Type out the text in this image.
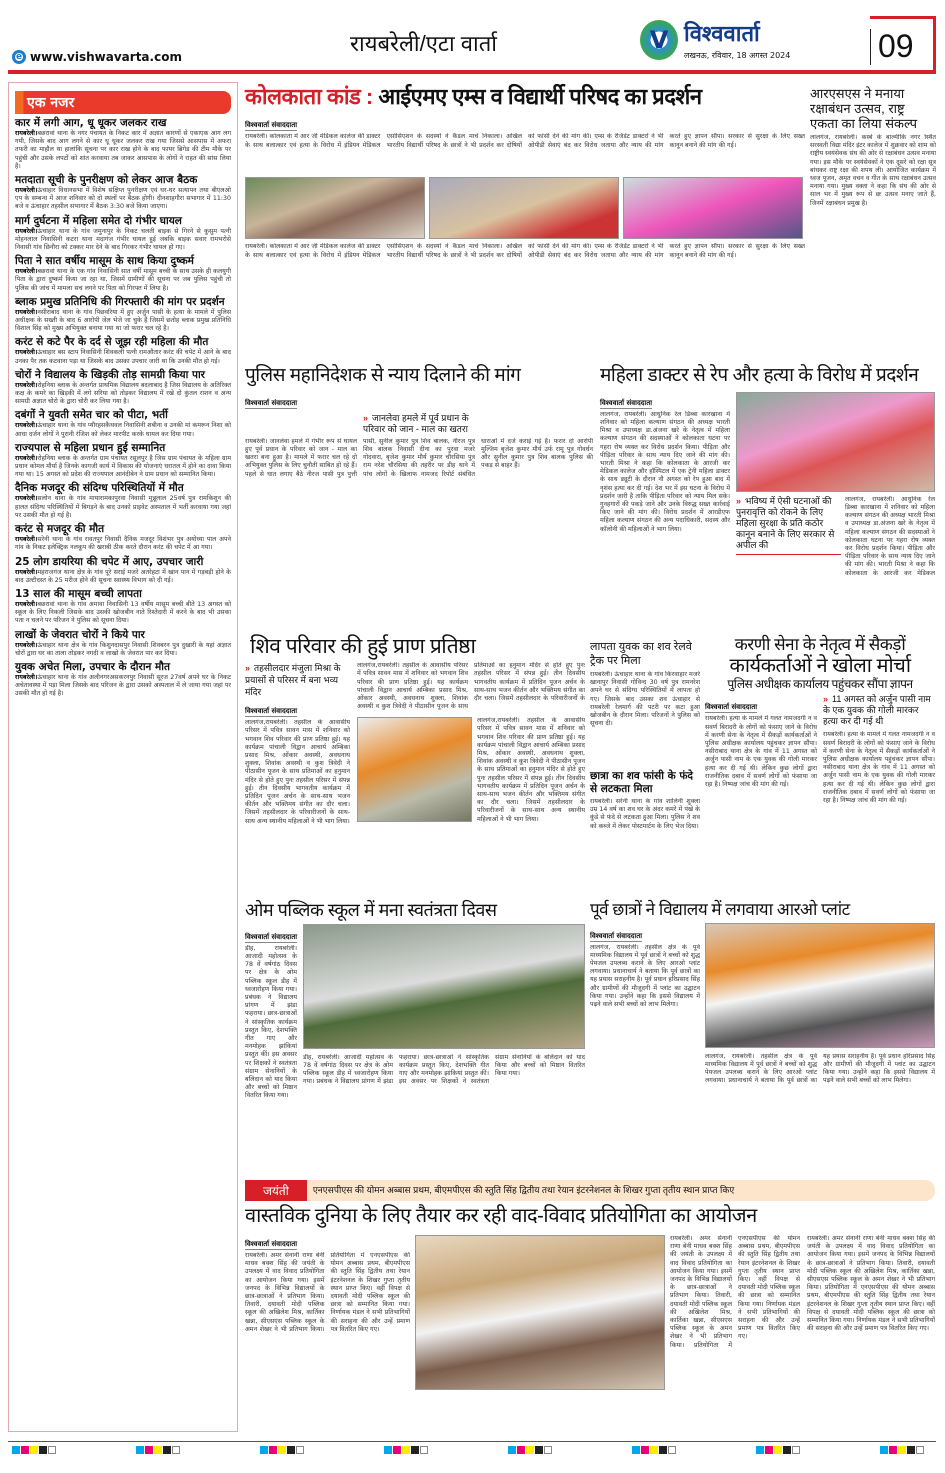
रायबरेली/एटा वार्ता
e www.vishwavarta.com
V विश्ववार्ता
लखनऊ, रविवार, 18 अगस्त 2024	09
एक नजर
कार में लगी आग, धू धूकर जलकर राख
रायबरेली।बछरावां थाना के नगर पंचायत के निकट कार में अज्ञात कारणों से एकाएक आग लग गयी, जिसके बाद आग लगने से कार धू धूकर जलकर राख गया जिससे आसपास में अफरा तफरी का माहौल था हालांकि सूचना पर कार राख होने के बाद फायर ब्रिगेड की टीम मौके पर पहुंची और उसके लपटों को शांत करवाया तब जाकर आसपास के लोगों ने राहत की सांस लिया है।
मतदाता सूची के पुनरीक्षण को लेकर आज बैठक
रायबरेली।ऊंचाहार विधानसभा में विशेष संक्षिप्त पुनरीक्षण एवं घर-घर सत्यापन तथा बीएलओ एप के सम्बन्ध में आज शनिवार को दो स्थलों पर बैठक होगी। दीनशाहगौरा सभागार में 11:30 बजे व ऊंचाहार तहसील सभागार में बैठक 3:30 बजे किया जाएगा।
मार्ग दुर्घटना में महिला समेत दो गंभीर घायल
रायबरेली।ऊंचाहार थाना के गांव जमुनापुर के निकट चलती बाइक से गिरने से कुसुम पत्नी मोहनलाल निवासिनी कटरा थाना मदागंज गंभीर घायल हुई जबकि बाइक सवार रामभरोसे निवासी गांव छिनौरा को टक्कर मार देने के बाद गिरकर गंभीर घायल हो गए।
पिता ने सात वर्षीय मासूम के साथ किया दुष्कर्म
रायबरेली।बछरावां थाना के एक गांव निवासिनी सात वर्षी मासूम बच्ची के साथ उसके ही कलयुगी पिता के द्वारा दुष्कर्म किया जा रहा था, जिसमें ग्रामीणों की सूचना पर जब पुलिस पहुंची तो पुलिस की जांच में मामला सच लगने पर पिता को गिरफ्त में लिया है।
ब्लाक प्रमुख प्रतिनिधि की गिरफ्तारी की मांग पर प्रदर्शन
रायबरेली।नसीराबाद थाना के गांव पिछवरिया में हुए अर्जुन पासी के हत्या के मामले में पुलिस अधीक्षक के सख्ती के बाद 6 आरोपी जेल भेजे जा चुके हैं जिसमें छतोह ब्लाक प्रमुख प्रतिनिधि विशाल सिंह को मुख्य अभियुक्त बनाया गया था जो फरार चल रहे है।
करंट से कटे पैर के दर्द से जूझ रही महिला की मौत
रायबरेली।ऊंचाहार बस स्टाप निवासिनी शिवकली पत्नी रामऔतार करंट की चपेट में आने के बाद उनका पैर तक कटवाना पड़ा था जिसके बाद उसका उपचार जारी था कि उनकी मौत हो गई।
चोरों ने विद्यालय के खिड़की तोड़ सामग्री किया पार
रायबरेली।रोहनिया ब्लाक के अन्तर्गत प्राथमिक विद्यालय बदलाबाद है जिस विद्यालय के अतिरिक्त कक्ष के कमरे का खिड़की में लगे सरिया को तोड़कर विद्यालय में रखे दो कुंतल राशन व अन्य सामग्री अज्ञात चोरो के द्वारा चोरी कर लिया गया है।
दबंगों ने युवती समेत चार को पीटा, भर्ती
रायबरेली।ऊंचाहार थाना के गांव प्यौरहसकैथवल निवासिनी शबीना व उनकी मां कमरून निशा को आधा दर्जन लोगों ने पुरानी रंजिश को लेकर मारपीट करके घायल कर दिया गया।
राज्यपाल से महिला प्रधान हुई सम्मानित
रायबरेली।रोहनिया ब्लाक के अन्तर्गत ग्राम पंचायत रसूलपुर है जिस ग्राम पंचायत के महिला ग्राम प्रधान कोमल मौर्या है जिनके कागजी कार्य में विकास की योजनाएं धरातल में होने का दावा किया गया था। 15 अगस्त को प्रदेश की राज्यपाल आनंदीबेन ने ग्राम प्रधान को सम्मानित किया।
दैनिक मजदूर की संदिग्ध परिस्थितियों में मौत
रायबरेली।सलोन थाना के गांव मायारामकापुरवा निवासी मुन्नूलाल 25वर्ष पुत्र रामकिशुन की हालत संदिग्ध परिस्थितियों में बिगड़ने के बाद उनको प्राइवेट अस्पताल में भर्ती करवाया गया जहां पर उसकी मौत हो गई है।
करंट से मजदूर की मौत
रायबरेली।सरेनी थाना के गांव रावतपुर निवासी दैनिक मजदूर विशंभर पुत्र अयोध्या पाल अपने गांव के निकट इलेक्ट्रिक नलकूप की खराबी ठीक करते दौरान करंट की चपेट में आ गया।
25 लोग डायरिया की चपेट में आए, उपचार जारी
रायबरेली।महराजगंज थाना क्षेत्र के गांव पूरे सराई मजरे अतरेहटा में खान पान में गड़बड़ी होने के बाद उल्टीदस्त के 25 मरीज होने की सूचना स्वास्थ्य विभाग को दी गई।
13 साल की मासूम बच्ची लापता
रायबरेली।बछरावां थाना के गांव अमावा निवासिनी 13 वर्षीय मासूम बच्ची बीते 13 अगस्त को स्कूल के लिए निकली जिसके बाद उसकी खोजबीन नाते रिश्तेदारी में करने के बाद भी उसका पता न चलने पर परिजन ने पुलिस को सूचना दिया।
लाखों के जेवरात चोरों ने किये पार
रायबरेली।ऊंचाहार थाना क्षेत्र के गांव किशुनदासपुर निवासी शिवबरन पुत्र दुखारी के यहां अज्ञात चोरों द्वारा घर का ताला तोड़कर नगदी व लाखो के जेवरात पार कर दिया।
युवक अचेत मिला, उपचार के दौरान मौत
रायबरेली।ऊंचाहार थाना के गांव अलीनगरअसकरनपुर निवासी सूरज 27वर्ष अपने घर के निकट अचेतावस्था में पड़ा मिला जिसके बाद परिजन के द्वारा उसको अस्पताल में ले जाया गया जहां पर उसकी मौत हो गई है।
कोलकाता कांड : आईएमए एम्स व विद्यार्थी परिषद का प्रदर्शन
विश्ववार्ता संवाददाता
रायबरेली। कोलकाता में आर जी मेडिकल कालेज की डाक्टर के साथ बलात्कार एवं हत्या के विरोध में इंडियन मेडिकल एसोसिएशन के सदस्यों ने कैंडल मार्च निकाला। अखिल भारतीय विद्यार्थी परिषद के छात्रों ने भी प्रदर्शन कर दोषियों को फांसी देने की मांग की। एम्स के रेजिडेंट डाक्टरों ने भी ओपीडी सेवाएं बंद कर विरोध जताया और न्याय की मांग करते हुए ज्ञापन सौंपा। सरकार से सुरक्षा के लिए सख्त कानून बनाने की मांग की गई।
रायबरेली। कोलकाता में आर जी मेडिकल कालेज की डाक्टर के साथ बलात्कार एवं हत्या के विरोध में इंडियन मेडिकल एसोसिएशन के सदस्यों ने कैंडल मार्च निकाला। अखिल भारतीय विद्यार्थी परिषद के छात्रों ने भी प्रदर्शन कर दोषियों को फांसी देने की मांग की। एम्स के रेजिडेंट डाक्टरों ने भी ओपीडी सेवाएं बंद कर विरोध जताया और न्याय की मांग करते हुए ज्ञापन सौंपा। सरकार से सुरक्षा के लिए सख्त कानून बनाने की मांग की गई।
आरएसएस ने मनाया रक्षाबंधन उत्सव, राष्ट्र एकता का लिया संकल्प
लालगंज, रायबरेली। कस्बे के बाल्मीकि नगर स्थित सरस्वती विद्या मंदिर इंटर कालेज में शुक्रवार को शाम को राष्ट्रीय स्वयंसेवक संघ की ओर से रक्षाबंधन उत्सव मनाया गया। इस मौके पर स्वयंसेवकों ने एक दूसरे को रक्षा सूत्र बांधकर राष्ट्र रक्षा की शपथ ली। आयोजित कार्यक्रम में ध्वज पूजन, अमृत वचन व गीत के साथ रक्षाबंधन उत्सव मनाया गया। मुख्य वक्ता ने कहा कि संघ की ओर से साल भर में मुख्य रूप से छः उत्सव मनाए जाते हैं, जिनमें रक्षाबंधन प्रमुख है।
पुलिस महानिदेशक से न्याय दिलाने की मांग
विश्ववार्ता संवाददाता
» जानलेवा हमले में पूर्व प्रधान के परिवार को जान - माल का खतरा
रायबरेली। जानलेवा हमले में गंभीर रूप से घायल हुए पूर्व प्रधान के परिवार को जान - माल का खतरा बना हुआ है। मामले में फरार चल रहे दो अभियुक्त पुलिस के लिए चुनौती साबित हो रहे हैं। पहले से घात लगाए बैठे नीरज पासी पुत्र पुत्ती पासी, सुनील कुमार पुत्र शिव बालक, नीरज पुत्र शिव बालक निवासी दीना का पुरवा मजरे गोदवारा, बृजेश कुमार मौर्य कुमार चौरसिया पुत्र राम नरेश चौरसिया की तहरीर पर डीह थाने में पांच लोगों के खिलाफ नामजद रिपोर्ट संबंधित धाराओं में दर्ज कराई गई है। फरार दो आरोपी मुल्जिम बृजेश कुमार मौर्य उर्फ रामू पुत्र गोवर्धन और सुनील कुमार पुत्र शिव बालक पुलिस की पकड़ से बाहर हैं।
महिला डाक्टर से रेप और हत्या के विरोध में प्रदर्शन
विश्ववार्ता संवाददाता
लालगंज, रायबरेली। आधुनिक रेल डिब्बा कारखाना में शनिवार को महिला कल्याण संगठन की अध्यक्ष भारती मिश्रा व उपाध्यक्ष डा.अंजना खरे के नेतृत्व में महिला कल्याण संगठन की सदस्याओं ने कोलकाता घटना पर गहरा रोष व्यक्त कर विरोध प्रदर्शन किया। पीड़िता और पीड़िता परिवार के साथ न्याय दिए जाने की मांग की। भारती मिश्रा ने कहा कि कोलकाता के आरजी कर मेडिकल कालेज और हॉस्पिटल में एक ट्रेनी महिला डाक्टर के साथ ड्यूटी के दौरान नौ अगस्त को रेप हुआ बाद में नृशंस हत्या कर दी गई। देश भर में इस घटना के विरोध में प्रदर्शन जारी है ताकि पीड़िता परिवार को न्याय मिल सके। गुनहगारों की पकड़े जाने और उनके विरुद्ध सख्त कार्रवाई किए जाने की मांग की। विरोध प्रदर्शन में आरडीएफ महिला कल्याण संगठन की अन्य पदाधिकारी, सदस्य और कॉलोनी की महिलाओं ने भाग लिया।
» भविष्य में ऐसी घटनाओं की पुनरावृत्ति को रोकने के लिए महिला सुरक्षा के प्रति कठोर कानून बनाने के लिए सरकार से अपील की
लालगंज, रायबरेली। आधुनिक रेल डिब्बा कारखाना में शनिवार को महिला कल्याण संगठन की अध्यक्ष भारती मिश्रा व उपाध्यक्ष डा.अंजना खरे के नेतृत्व में महिला कल्याण संगठन की सदस्याओं ने कोलकाता घटना पर गहरा रोष व्यक्त कर विरोध प्रदर्शन किया। पीड़िता और पीड़िता परिवार के साथ न्याय दिए जाने की मांग की। भारती मिश्रा ने कहा कि कोलकाता के आरजी कर मेडिकल
शिव परिवार की हुई प्राण प्रतिष्ठा
» तहसीलदार मंजुला मिश्रा के प्रयासों से परिसर में बना भव्य मंदिर
विश्ववार्ता संवाददाता
लालगंज,रायबरेली। तहसील के आवासीय परिसर में पवित्र सावन मास में शनिवार को भगवान शिव परिवार की प्राण प्रतिष्ठा हुई। यह कार्यक्रम पांचाली विद्वान आचार्य अम्बिका प्रसाद मिश्र, ओंकार अवस्थी, अवधनाथ शुक्ला, शिवांक अवस्थी व कुश त्रिवेदी ने पीठासीन पूजन के साथ प्रतिमाओं का हनुमान मंदिर से होते हुए पुनः तहसील परिसर में संपन्न हुई। तीन दिवसीय भागवतीय कार्यक्रम में प्रतिदिन पूजन अर्चन के साथ-साथ भजन कीर्तन और भक्तिमय संगीत का दौर चला। जिसमें तहसीलदार के परिवारीजनों के साथ-साथ अन्य स्थानीय महिलाओं ने भी भाग लिया।
लालगंज,रायबरेली। तहसील के आवासीय परिसर में पवित्र सावन मास में शनिवार को भगवान शिव परिवार की प्राण प्रतिष्ठा हुई। यह कार्यक्रम पांचाली विद्वान आचार्य अम्बिका प्रसाद मिश्र, ओंकार अवस्थी, अवधनाथ शुक्ला, शिवांक अवस्थी व कुश त्रिवेदी ने पीठासीन पूजन के साथ प्रतिमाओं का हनुमान मंदिर से होते हुए पुनः तहसील परिसर में संपन्न हुई। तीन दिवसीय भागवतीय कार्यक्रम में प्रतिदिन पूजन अर्चन के साथ-साथ भजन कीर्तन और भक्तिमय संगीत का दौर चला। जिसमें तहसीलदार के परिवारीजनों के
लालगंज,रायबरेली। तहसील के आवासीय परिसर में पवित्र सावन मास में शनिवार को भगवान शिव परिवार की प्राण प्रतिष्ठा हुई। यह कार्यक्रम पांचाली विद्वान आचार्य अम्बिका प्रसाद मिश्र, ओंकार अवस्थी, अवधनाथ शुक्ला, शिवांक अवस्थी व कुश त्रिवेदी ने पीठासीन पूजन के साथ प्रतिमाओं का हनुमान मंदिर से होते हुए पुनः तहसील परिसर में संपन्न हुई। तीन दिवसीय भागवतीय कार्यक्रम में प्रतिदिन पूजन अर्चन के साथ-साथ भजन कीर्तन और भक्तिमय संगीत का दौर चला। जिसमें तहसीलदार के परिवारीजनों के साथ-साथ अन्य स्थानीय महिलाओं ने भी भाग लिया।
लापता युवक का शव रेलवे ट्रैक पर मिला
रायबरेली। ऊंचाहार थाना के गांव किरवाहार मजरे खानापुर निवासी गोविन्द 30 वर्ष पुत्र रामनरेश अपने घर से संदिग्ध परिस्थितियों में लापता हो गए। जिसके बाद उसका शव ऊंचाहार से रायबरेली रेलमार्ग की पटरी पर कटा हुआ खोजबीन के दौरान मिला। परिजनों ने पुलिस को सूचना दी।
छात्रा का शव फांसी के फंदे से लटकता मिला
रायबरेली। सरेनी थाना के गांव शालिनी शुक्ला उम्र 14 वर्ष का शव घर के अंदर कमरे में पंखे के कुंडे से फंदे से लटकता हुआ मिला। पुलिस ने शव को कब्जे में लेकर पोस्टमार्टम के लिए भेज दिया।
करणी सेना के नेतृत्व में सैकड़ों
कार्यकर्ताओं ने खोला मोर्चा
पुलिस अधीक्षक कार्यालय पहुंचकर सौंपा ज्ञापन
विश्ववार्ता संवाददाता
रायबरेली। हत्या के मामले में गलत नामजदगी न व सवर्ण बिरादरी के लोगों को फंसाए जाने के विरोध में करणी सेना के नेतृत्व में सैकड़ों कार्यकर्ताओं ने पुलिस अधीक्षक कार्यालय पहुंचकर ज्ञापन सौंपा। नसीराबाद थाना क्षेत्र के गांव में 11 अगस्त को अर्जुन पासी नाम के एक युवक की गोली मारकर हत्या कर दी गई थी। लेकिन कुछ लोगों द्वारा राजनीतिक दबाव में सवर्ण लोगों को फंसाया जा रहा है। निष्पक्ष जांच की मांग की गई।
» 11 अगस्त को अर्जुन पासी नाम के एक युवक की गोली मारकर हत्या कर दी गई थी
रायबरेली। हत्या के मामले में गलत नामजदगी न व सवर्ण बिरादरी के लोगों को फंसाए जाने के विरोध में करणी सेना के नेतृत्व में सैकड़ों कार्यकर्ताओं ने पुलिस अधीक्षक कार्यालय पहुंचकर ज्ञापन सौंपा। नसीराबाद थाना क्षेत्र के गांव में 11 अगस्त को अर्जुन पासी नाम के एक युवक की गोली मारकर हत्या कर दी गई थी। लेकिन कुछ लोगों द्वारा राजनीतिक दबाव में सवर्ण लोगों को फंसाया जा रहा है। निष्पक्ष जांच की मांग की गई।
ओम पब्लिक स्कूल में मना स्वतंत्रता दिवस
विश्ववार्ता संवाददाता
डीह, रायबरेली। आजादी महोत्सव के 78 वें वर्षगांठ दिवस पर क्षेत्र के ओम पब्लिक स्कूल डीह में ध्वजारोहण किया गया। प्रबंधक ने विद्यालय प्रांगण में झंडा फहराया। छात्र-छात्राओं ने सांस्कृतिक कार्यक्रम प्रस्तुत किए, देशभक्ति गीत गाए और मनमोहक झांकियां प्रस्तुत कीं। इस अवसर पर शिक्षकों ने स्वतंत्रता संग्राम सेनानियों के बलिदान को याद किया और बच्चों को मिष्ठान वितरित किया गया।
डीह, रायबरेली। आजादी महोत्सव के 78 वें वर्षगांठ दिवस पर क्षेत्र के ओम पब्लिक स्कूल डीह में ध्वजारोहण किया गया। प्रबंधक ने विद्यालय प्रांगण में झंडा फहराया। छात्र-छात्राओं ने सांस्कृतिक कार्यक्रम प्रस्तुत किए, देशभक्ति गीत गाए और मनमोहक झांकियां प्रस्तुत कीं। इस अवसर पर शिक्षकों ने स्वतंत्रता संग्राम सेनानियों के बलिदान को याद किया और बच्चों को मिष्ठान वितरित किया गया।
पूर्व छात्रों ने विद्यालय में लगवाया आरओ प्लांट
विश्ववार्ता संवाददाता
लालगंज, रायबरेली। तहसील क्षेत्र के पूर्व माध्यमिक विद्यालय में पूर्व छात्रों ने बच्चों को शुद्ध पेयजल उपलब्ध कराने के लिए आरओ प्लांट लगवाया। प्रधानाचार्य ने बताया कि पूर्व छात्रों का यह प्रयास सराहनीय है। पूर्व प्रधान हरिप्रसाद सिंह और ग्रामीणों की मौजूदगी में प्लांट का उद्घाटन किया गया। उन्होंने कहा कि इससे विद्यालय में पढ़ने वाले सभी बच्चों को लाभ मिलेगा।
लालगंज, रायबरेली। तहसील क्षेत्र के पूर्व माध्यमिक विद्यालय में पूर्व छात्रों ने बच्चों को शुद्ध पेयजल उपलब्ध कराने के लिए आरओ प्लांट लगवाया। प्रधानाचार्य ने बताया कि पूर्व छात्रों का यह प्रयास सराहनीय है। पूर्व प्रधान हरिप्रसाद सिंह और ग्रामीणों की मौजूदगी में प्लांट का उद्घाटन किया गया। उन्होंने कहा कि इससे विद्यालय में पढ़ने वाले सभी बच्चों को लाभ मिलेगा।
जयंती	एनएसपीएस की योमन अब्बास प्रथम, बीएमपीएस की स्तुति सिंह द्वितीय तथा रेयान इंटरनेशनल के शिखर गुप्ता तृतीय स्थान प्राप्त किए
वास्तविक दुनिया के लिए तैयार कर रही वाद-विवाद प्रतियोगिता का आयोजन
विश्ववार्ता संवाददाता
रायबरेली। अमर सेनानी राणा बेनी माधव बक्श सिंह की जयंती के उपलक्ष्य में वाद विवाद प्रतियोगिता का आयोजन किया गया। इसमें जनपद के विभिन्न विद्यालयों के छात्र-छात्राओं ने प्रतिभाग किया। तिवारी, दयावती मोदी पब्लिक स्कूल की अखिलेश मिश्र, कार्तिका खन्ना, सीएसएस पब्लिक स्कूल के अमन शेखर ने भी प्रतिभाग किया। प्रतियोगिता में एनएसपीएस की योमन अब्बास प्रथम, बीएमपीएस की स्तुति सिंह द्वितीय तथा रेयान इंटरनेशनल के शिखर गुप्ता तृतीय स्थान प्राप्त किए। वहीं विपक्ष से दयावती मोदी पब्लिक स्कूल की छात्रा को सम्मानित किया गया। निर्णायक मंडल ने सभी प्रतिभागियों की सराहना की और उन्हें प्रमाण पत्र वितरित किए गए।
रायबरेली। अमर सेनानी राणा बेनी माधव बक्श सिंह की जयंती के उपलक्ष्य में वाद विवाद प्रतियोगिता का आयोजन किया गया। इसमें जनपद के विभिन्न विद्यालयों के छात्र-छात्राओं ने प्रतिभाग किया। तिवारी, दयावती मोदी पब्लिक स्कूल की अखिलेश मिश्र, कार्तिका खन्ना, सीएसएस पब्लिक स्कूल के अमन शेखर ने भी प्रतिभाग किया। प्रतियोगिता में एनएसपीएस की योमन अब्बास प्रथम, बीएमपीएस की स्तुति सिंह द्वितीय तथा रेयान इंटरनेशनल के शिखर गुप्ता तृतीय स्थान प्राप्त किए। वहीं विपक्ष से दयावती मोदी पब्लिक स्कूल की छात्रा को सम्मानित किया गया। निर्णायक मंडल ने सभी प्रतिभागियों की सराहना की और उन्हें प्रमाण पत्र वितरित किए गए।
रायबरेली। अमर सेनानी राणा बेनी माधव बक्श सिंह की जयंती के उपलक्ष्य में वाद विवाद प्रतियोगिता का आयोजन किया गया। इसमें जनपद के विभिन्न विद्यालयों के छात्र-छात्राओं ने प्रतिभाग किया। तिवारी, दयावती मोदी पब्लिक स्कूल की अखिलेश मिश्र, कार्तिका खन्ना, सीएसएस पब्लिक स्कूल के अमन शेखर ने भी प्रतिभाग किया। प्रतियोगिता में एनएसपीएस की योमन अब्बास प्रथम, बीएमपीएस की स्तुति सिंह द्वितीय तथा रेयान इंटरनेशनल के शिखर गुप्ता तृतीय स्थान प्राप्त किए। वहीं विपक्ष से दयावती मोदी पब्लिक स्कूल की छात्रा को सम्मानित किया गया। निर्णायक मंडल ने सभी प्रतिभागियों की सराहना की और उन्हें प्रमाण पत्र वितरित किए गए।
